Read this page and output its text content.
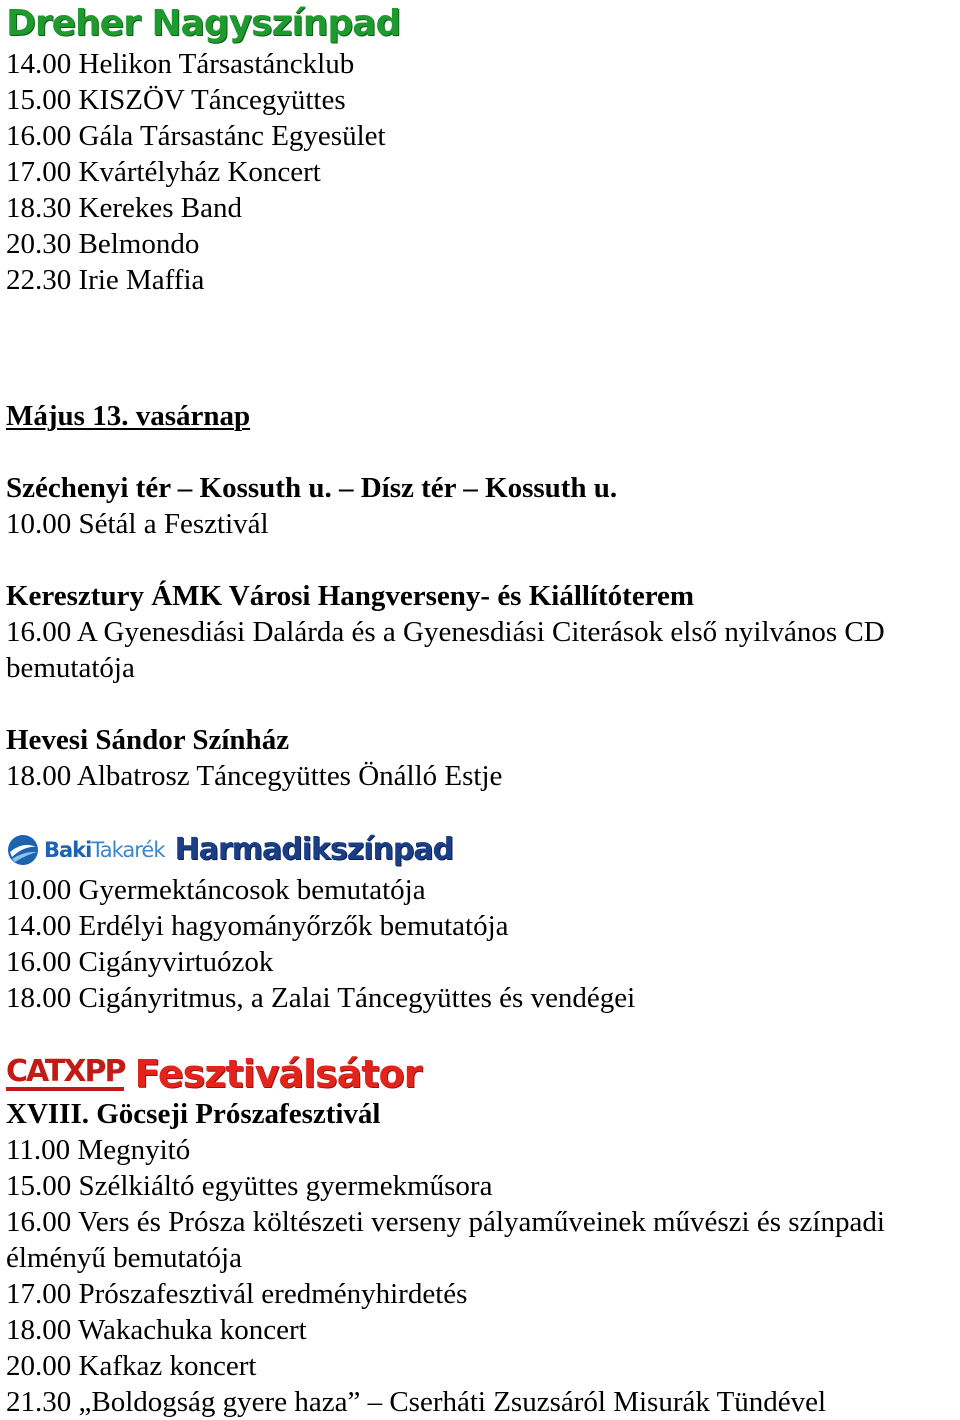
Dreher Nagyszínpad
14.00 Helikon Társastáncklub
15.00 KISZÖV Táncegyüttes
16.00 Gála Társastánc Egyesület
17.00 Kvártélyház Koncert
18.30 Kerekes Band
20.30 Belmondo
22.30 Irie Maffia
Május 13. vasárnap
Széchenyi tér – Kossuth u. – Dísz tér – Kossuth u.
10.00 Sétál a Fesztivál
Keresztury ÁMK Városi Hangverseny- és Kiállítóterem
16.00 A Gyenesdiási Dalárda és a Gyenesdiási Citerások első nyilvános CD bemutatója
Hevesi Sándor Színház
18.00 Albatrosz Táncegyüttes Önálló Estje
BakiTakarék Harmadikszínpad
10.00 Gyermektáncosok bemutatója
14.00 Erdélyi hagyományőrzők bemutatója
16.00 Cigányvirtuózok
18.00 Cigányritmus, a Zalai Táncegyüttes és vendégei
CATXPP Fesztiválsátor
XVIII. Göcseji Prószafesztivál
11.00 Megnyitó
15.00 Szélkiáltó együttes gyermekműsora
16.00 Vers és Prósza költészeti verseny pályaműveinek művészi és színpadi élményű bemutatója
17.00 Prószafesztivál eredményhirdetés
18.00 Wakachuka koncert
20.00 Kafkaz koncert
21.30 „Boldogság gyere haza” – Cserháti Zsuzsáról Misurák Tündével
